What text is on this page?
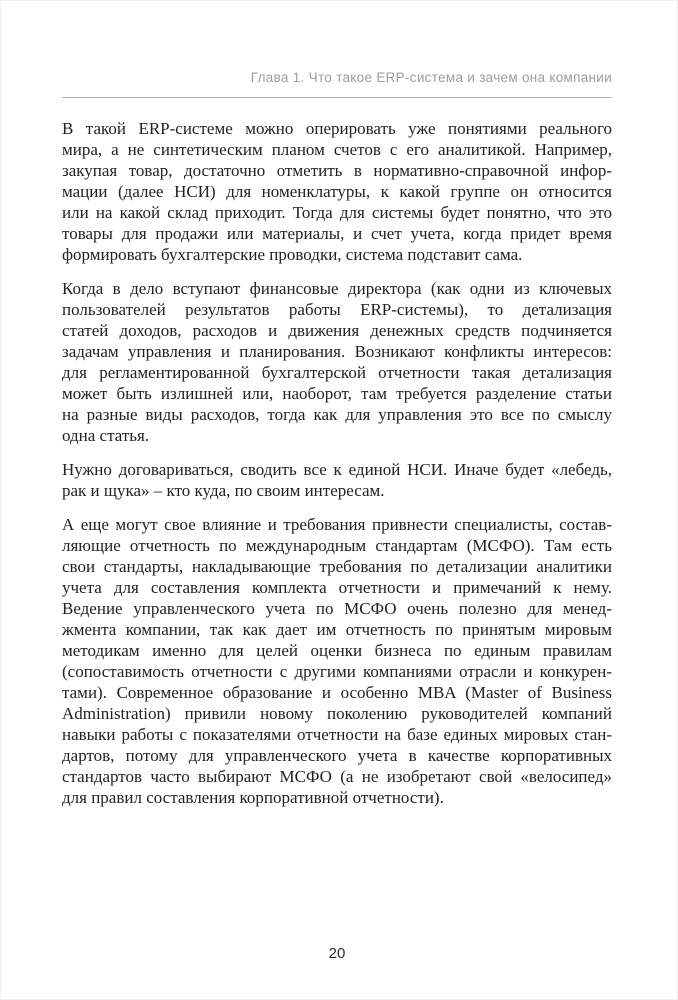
Глава 1. Что такое ERP-система и зачем она компании
В такой ERP-системе можно оперировать уже понятиями реального
мира, а не синтетическим планом счетов с его аналитикой. Например,
закупая товар, достаточно отметить в нормативно-справочной инфор-
мации (далее НСИ) для номенклатуры, к какой группе он относится
или на какой склад приходит. Тогда для системы будет понятно, что это
товары для продажи или материалы, и счет учета, когда придет время
формировать бухгалтерские проводки, система подставит сама.
Когда в дело вступают финансовые директора (как одни из ключевых
пользователей результатов работы ERP-системы), то детализация
статей доходов, расходов и движения денежных средств подчиняется
задачам управления и планирования. Возникают конфликты интересов:
для регламентированной бухгалтерской отчетности такая детализация
может быть излишней или, наоборот, там требуется разделение статьи
на разные виды расходов, тогда как для управления это все по смыслу
одна статья.
Нужно договариваться, сводить все к единой НСИ. Иначе будет «лебедь,
рак и щука» – кто куда, по своим интересам.
А еще могут свое влияние и требования привнести специалисты, состав-
ляющие отчетность по международным стандартам (МСФО). Там есть
свои стандарты, накладывающие требования по детализации аналитики
учета для составления комплекта отчетности и примечаний к нему.
Ведение управленческого учета по МСФО очень полезно для менед-
жмента компании, так как дает им отчетность по принятым мировым
методикам именно для целей оценки бизнеса по единым правилам
(сопоставимость отчетности с другими компаниями отрасли и конкурен-
тами). Современное образование и особенно MBA (Master of Business
Administration) привили новому поколению руководителей компаний
навыки работы с показателями отчетности на базе единых мировых стан-
дартов, потому для управленческого учета в качестве корпоративных
стандартов часто выбирают МСФО (а не изобретают свой «велосипед»
для правил составления корпоративной отчетности).
20
